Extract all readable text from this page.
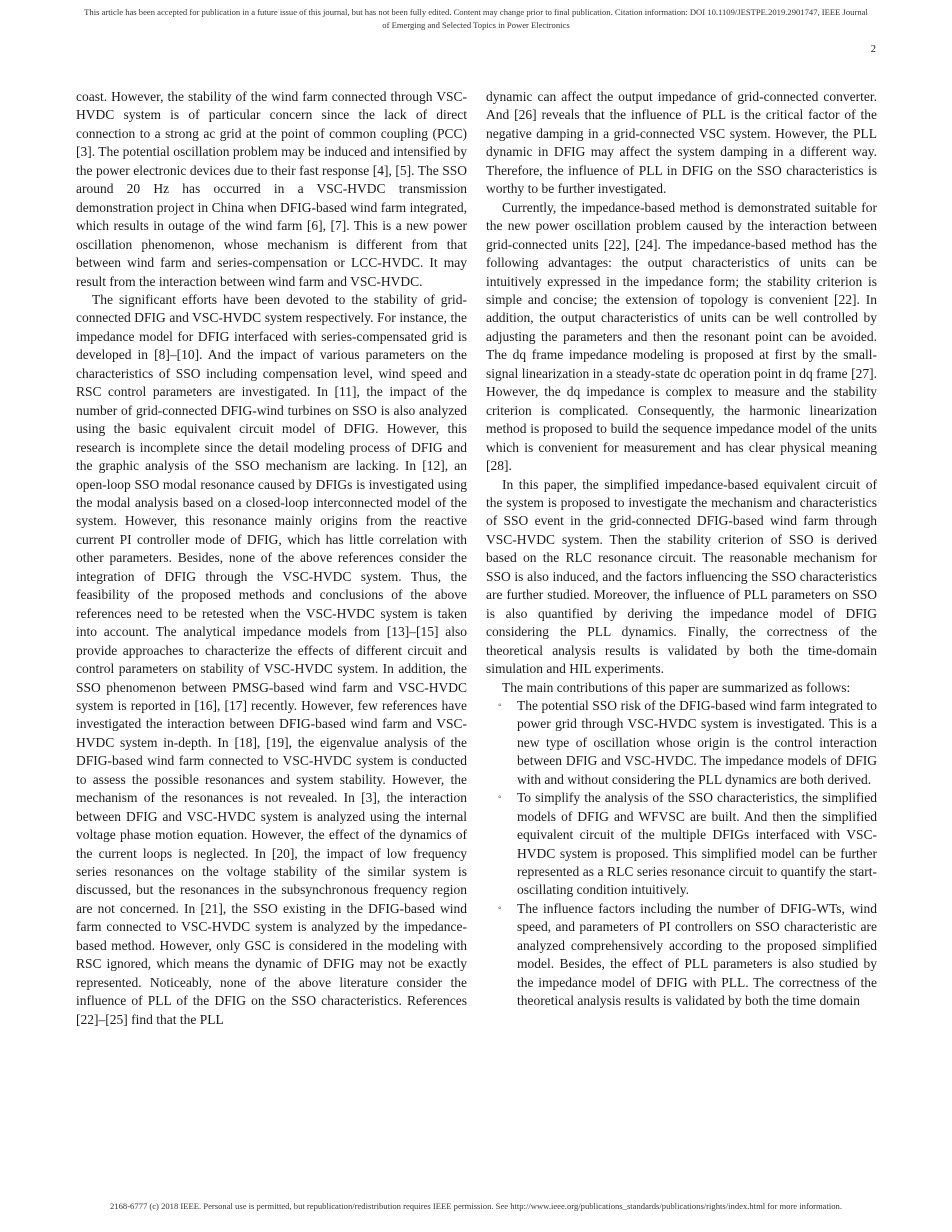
This article has been accepted for publication in a future issue of this journal, but has not been fully edited. Content may change prior to final publication. Citation information: DOI 10.1109/JESTPE.2019.2901747, IEEE Journal
of Emerging and Selected Topics in Power Electronics
2

coast. However, the stability of the wind farm connected through VSC-HVDC system is of particular concern since the lack of direct connection to a strong ac grid at the point of common coupling (PCC) [3]. The potential oscillation problem may be induced and intensified by the power electronic devices due to their fast response [4], [5]. The SSO around 20 Hz has occurred in a VSC-HVDC transmission demonstration project in China when DFIG-based wind farm integrated, which results in outage of the wind farm [6], [7]. This is a new power oscillation phenomenon, whose mechanism is different from that between wind farm and series-compensation or LCC-HVDC. It may result from the interaction between wind farm and VSC-HVDC.

The significant efforts have been devoted to the stability of grid-connected DFIG and VSC-HVDC system respectively. For instance, the impedance model for DFIG interfaced with series-compensated grid is developed in [8]–[10]. And the impact of various parameters on the characteristics of SSO including compensation level, wind speed and RSC control parameters are investigated. In [11], the impact of the number of grid-connected DFIG-wind turbines on SSO is also analyzed using the basic equivalent circuit model of DFIG. However, this research is incomplete since the detail modeling process of DFIG and the graphic analysis of the SSO mechanism are lacking. In [12], an open-loop SSO modal resonance caused by DFIGs is investigated using the modal analysis based on a closed-loop interconnected model of the system. However, this resonance mainly origins from the reactive current PI controller mode of DFIG, which has little correlation with other parameters. Besides, none of the above references consider the integration of DFIG through the VSC-HVDC system. Thus, the feasibility of the proposed methods and conclusions of the above references need to be retested when the VSC-HVDC system is taken into account. The analytical impedance models from [13]–[15] also provide approaches to characterize the effects of different circuit and control parameters on stability of VSC-HVDC system. In addition, the SSO phenomenon between PMSG-based wind farm and VSC-HVDC system is reported in [16], [17] recently. However, few references have investigated the interaction between DFIG-based wind farm and VSC-HVDC system in-depth. In [18], [19], the eigenvalue analysis of the DFIG-based wind farm connected to VSC-HVDC system is conducted to assess the possible resonances and system stability. However, the mechanism of the resonances is not revealed. In [3], the interaction between DFIG and VSC-HVDC system is analyzed using the internal voltage phase motion equation. However, the effect of the dynamics of the current loops is neglected. In [20], the impact of low frequency series resonances on the voltage stability of the similar system is discussed, but the resonances in the subsynchronous frequency region are not concerned. In [21], the SSO existing in the DFIG-based wind farm connected to VSC-HVDC system is analyzed by the impedance-based method. However, only GSC is considered in the modeling with RSC ignored, which means the dynamic of DFIG may not be exactly represented. Noticeably, none of the above literature consider the influence of PLL of the DFIG on the SSO characteristics. References [22]–[25] find that the PLL

dynamic can affect the output impedance of grid-connected converter. And [26] reveals that the influence of PLL is the critical factor of the negative damping in a grid-connected VSC system. However, the PLL dynamic in DFIG may affect the system damping in a different way. Therefore, the influence of PLL in DFIG on the SSO characteristics is worthy to be further investigated.

Currently, the impedance-based method is demonstrated suitable for the new power oscillation problem caused by the interaction between grid-connected units [22], [24]. The impedance-based method has the following advantages: the output characteristics of units can be intuitively expressed in the impedance form; the stability criterion is simple and concise; the extension of topology is convenient [22]. In addition, the output characteristics of units can be well controlled by adjusting the parameters and then the resonant point can be avoided. The dq frame impedance modeling is proposed at first by the small-signal linearization in a steady-state dc operation point in dq frame [27]. However, the dq impedance is complex to measure and the stability criterion is complicated. Consequently, the harmonic linearization method is proposed to build the sequence impedance model of the units which is convenient for measurement and has clear physical meaning [28].

In this paper, the simplified impedance-based equivalent circuit of the system is proposed to investigate the mechanism and characteristics of SSO event in the grid-connected DFIG-based wind farm through VSC-HVDC system. Then the stability criterion of SSO is derived based on the RLC resonance circuit. The reasonable mechanism for SSO is also induced, and the factors influencing the SSO characteristics are further studied. Moreover, the influence of PLL parameters on SSO is also quantified by deriving the impedance model of DFIG considering the PLL dynamics. Finally, the correctness of the theoretical analysis results is validated by both the time-domain simulation and HIL experiments.

The main contributions of this paper are summarized as follows:

◦ The potential SSO risk of the DFIG-based wind farm integrated to power grid through VSC-HVDC system is investigated. This is a new type of oscillation whose origin is the control interaction between DFIG and VSC-HVDC. The impedance models of DFIG with and without considering the PLL dynamics are both derived.
◦ To simplify the analysis of the SSO characteristics, the simplified models of DFIG and WFVSC are built. And then the simplified equivalent circuit of the multiple DFIGs interfaced with VSC-HVDC system is proposed. This simplified model can be further represented as a RLC series resonance circuit to quantify the start-oscillating condition intuitively.
◦ The influence factors including the number of DFIG-WTs, wind speed, and parameters of PI controllers on SSO characteristic are analyzed comprehensively according to the proposed simplified model. Besides, the effect of PLL parameters is also studied by the impedance model of DFIG with PLL. The correctness of the theoretical analysis results is validated by both the time domain
2168-6777 (c) 2018 IEEE. Personal use is permitted, but republication/redistribution requires IEEE permission. See http://www.ieee.org/publications_standards/publications/rights/index.html for more information.
